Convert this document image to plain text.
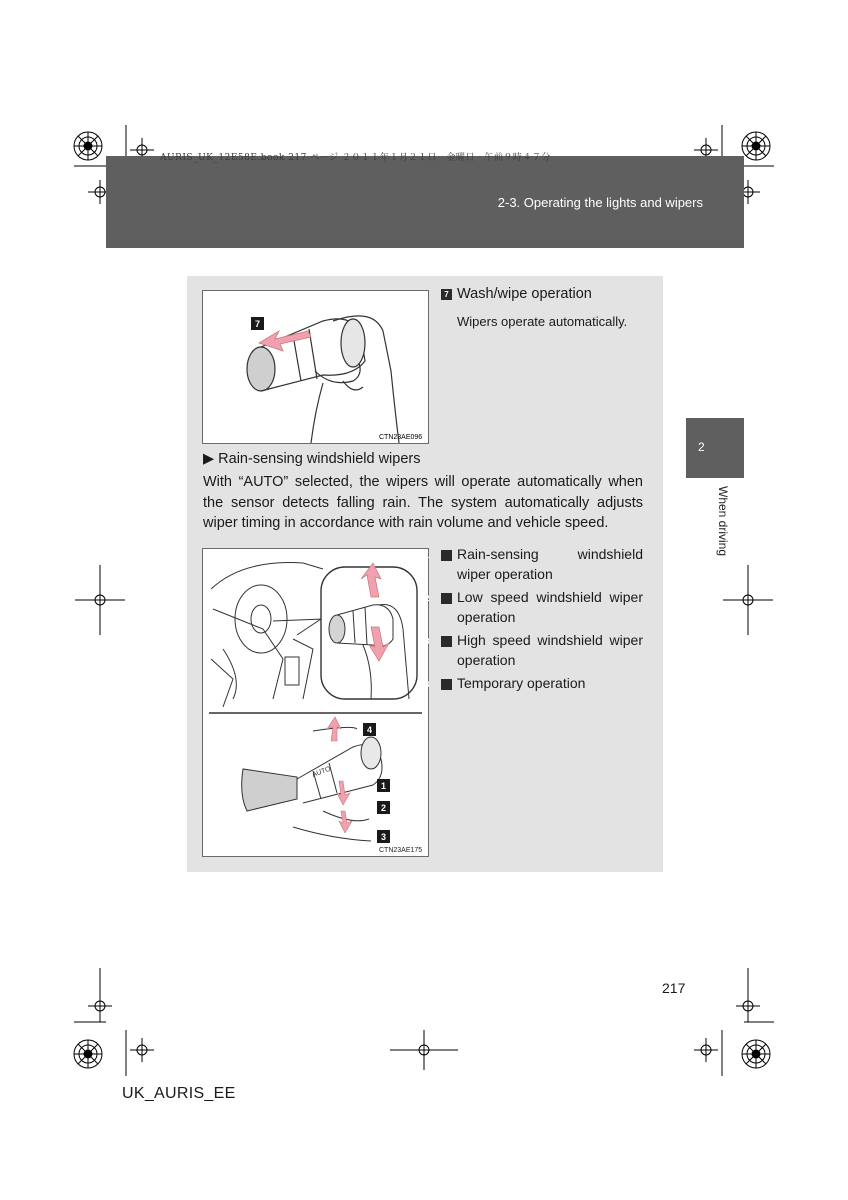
AURIS_UK_12E58E.book 217 ページ ２０１１年１月２１日　金曜日　午前９時４７分
2-3. Operating the lights and wipers
2
When driving
7
CTN23AE096
7 Wash/wipe operation
Wipers operate automatically.
▶ Rain-sensing windshield wipers
With “AUTO” selected, the wipers will operate automatically when the sensor detects falling rain. The system automatically adjusts wiper timing in accordance with rain volume and vehicle speed.
AUTO
4
1
2
3
CTN23AE175
1 Rain-sensing windshield wiper operation
2 Low speed windshield wiper operation
3 High speed windshield wiper operation
4 Temporary operation
217
UK_AURIS_EE
